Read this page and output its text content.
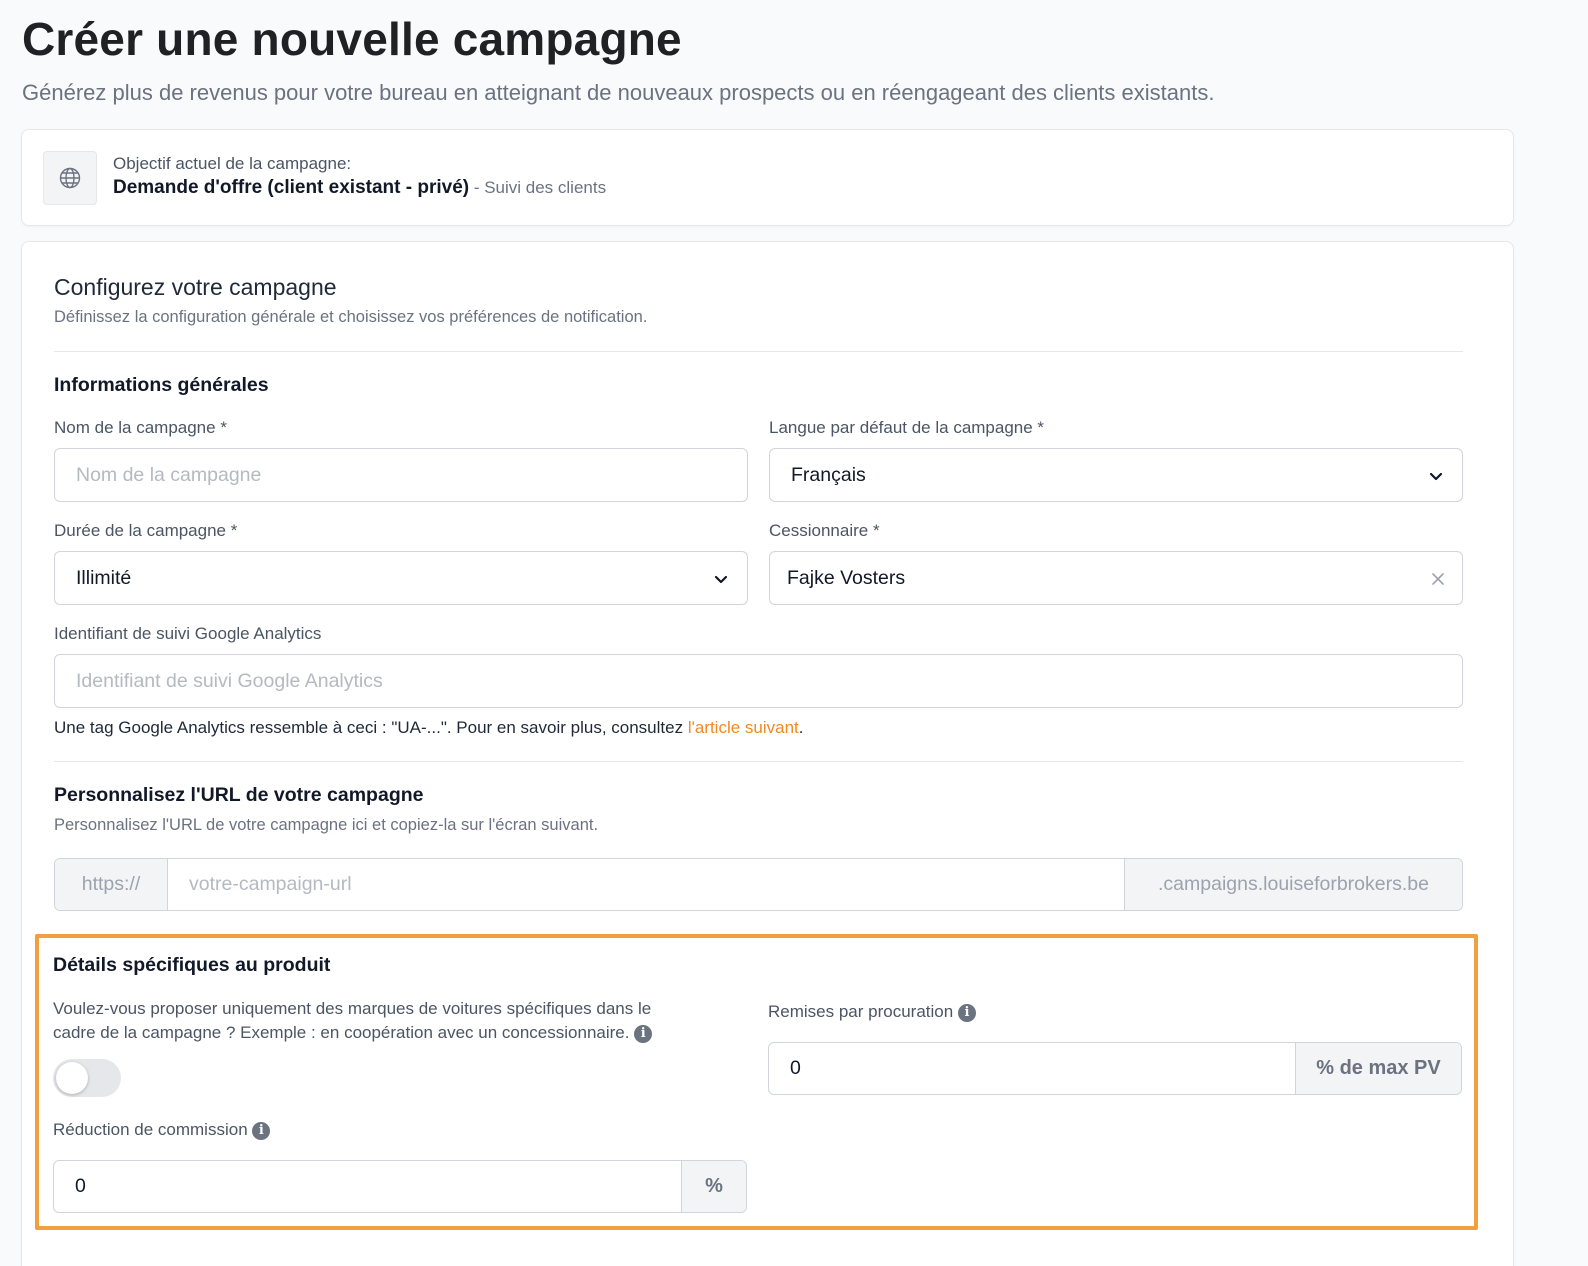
Créer une nouvelle campagne
Générez plus de revenus pour votre bureau en atteignant de nouveaux prospects ou en réengageant des clients existants.
Objectif actuel de la campagne:
Demande d'offre (client existant - privé) - Suivi des clients
Configurez votre campagne
Définissez la configuration générale et choisissez vos préférences de notification.
Informations générales
Nom de la campagne *
Nom de la campagne
Langue par défaut de la campagne *
Français
Durée de la campagne *
Illimité
Cessionnaire *
Fajke Vosters
Identifiant de suivi Google Analytics
Identifiant de suivi Google Analytics
Une tag Google Analytics ressemble à ceci : "UA-...". Pour en savoir plus, consultez l'article suivant.
Personnalisez l'URL de votre campagne
Personnalisez l'URL de votre campagne ici et copiez-la sur l'écran suivant.
https://	votre-campaign-url	.campaigns.louiseforbrokers.be
Détails spécifiques au produit
Voulez-vous proposer uniquement des marques de voitures spécifiques dans le
cadre de la campagne ? Exemple : en coopération avec un concessionnaire. i
Réduction de commission i
0	%
Remises par procuration i
0	% de max PV
